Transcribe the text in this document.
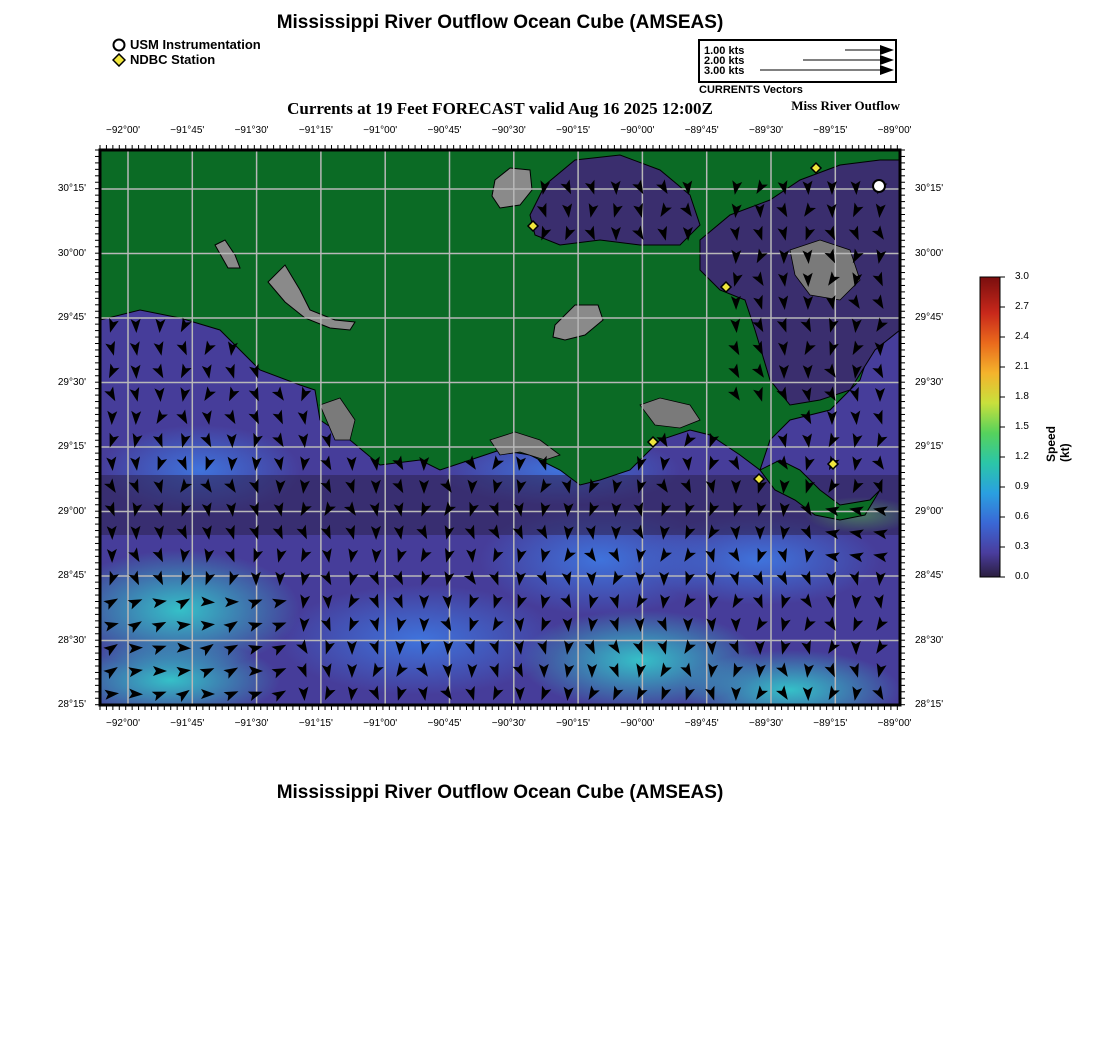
Mississippi River Outflow Ocean Cube (AMSEAS)
USM Instrumentation
NDBC Station
1.00 kts
2.00 kts
3.00 kts
CURRENTS Vectors
Currents at 19 Feet FORECAST valid Aug 16 2025 12:00Z	Miss River Outflow
−92°00'	−91°45'	−91°30'	−91°15'	−91°00'	−90°45'	−90°30'	−90°15'	−90°00'	−89°45'	−89°30'	−89°15'	−89°00'
−92°00'	−91°45'	−91°30'	−91°15'	−91°00'	−90°45'	−90°30'	−90°15'	−90°00'	−89°45'	−89°30'	−89°15'	−89°00'
30°15'
30°00'
29°45'
29°30'
29°15'
29°00'
28°45'
28°30'
28°15'
30°15'
30°00'
29°45'
29°30'
29°15'
29°00'
28°45'
28°30'
28°15'
3.0
2.7
2.4
2.1
1.8
1.5
1.2
0.9
0.6
0.3
0.0
Speed (kt)
Mississippi River Outflow Ocean Cube (AMSEAS)
